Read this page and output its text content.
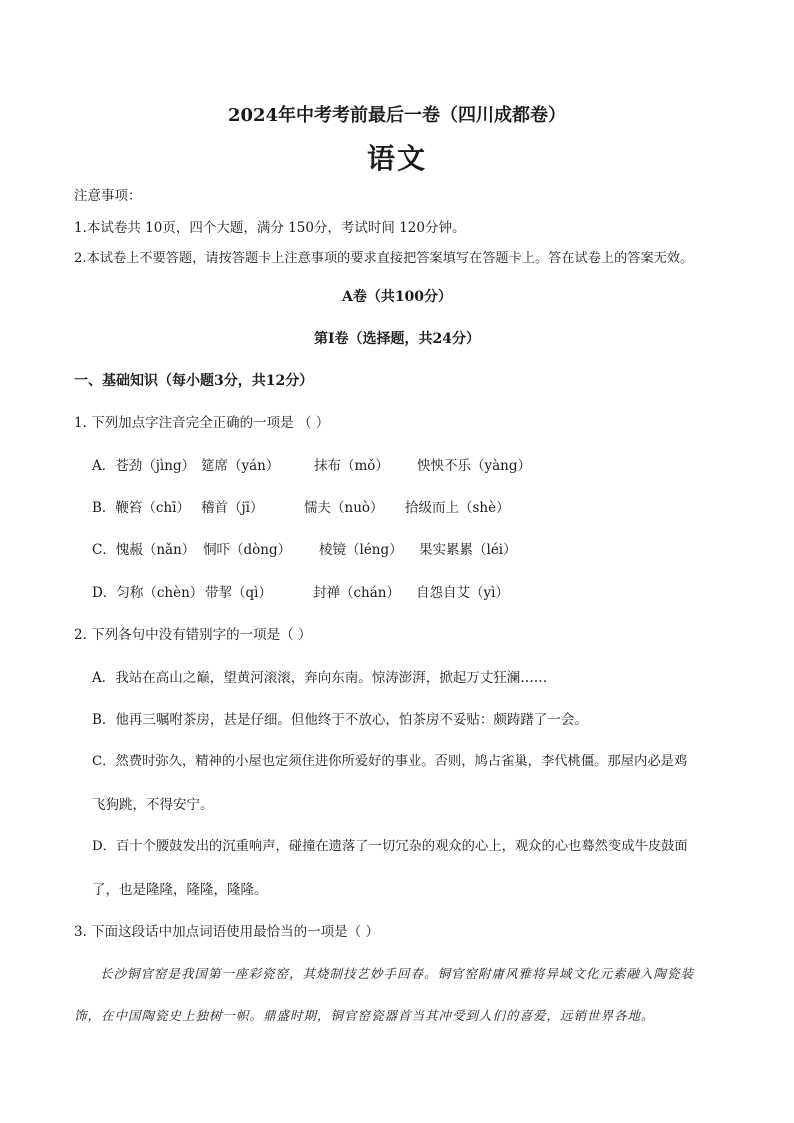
2024年中考考前最后一卷（四川成都卷）
语文
注意事项：
1.本试卷共 10页，四个大题，满分 150分，考试时间 120分钟。
2.本试卷上不要答题，请按答题卡上注意事项的要求直接把答案填写在答题卡上。答在试卷上的答案无效。
A卷（共100分）
第Ⅰ卷（选择题，共24分）
一、基础知识（每小题3分，共12分）
1. 下列加点字注音完全正确的一项是 （ ）
A．苍劲（jìng） 筵席（yán）	抹布（mǒ） 怏怏不乐（yàng）
B．鞭笞（chī） 稽首（jī）	懦夫（nuò） 拾级而上（shè）
C．愧赧（nǎn） 恫吓（dòng） 棱镜（léng） 果实累累（léi）
D．匀称（chèn） 带挈（qì）	封禅（chán） 自怨自艾（yì）
2. 下列各句中没有错别字的一项是（ ）
A．我站在高山之巅，望黄河滚滚，奔向东南。惊涛澎湃，掀起万丈狂澜……
B．他再三嘱咐茶房，甚是仔细。但他终于不放心，怕茶房不妥贴：颇踌躇了一会。
C．然费时弥久，精神的小屋也定须住进你所爱好的事业。否则，鸠占雀巢，李代桃僵。那屋内必是鸡
飞狗跳，不得安宁。
D．百十个腰鼓发出的沉重响声，碰撞在遗落了一切冗杂的观众的心上，观众的心也蓦然变成牛皮鼓面
了，也是隆隆，隆隆，隆隆。
3. 下面这段话中加点词语使用最恰当的一项是（ ）
长沙铜官窑是我国第一座彩瓷窑，其烧制技艺妙手回春。铜官窑附庸风雅将异域文化元素融入陶瓷装
饰，在中国陶瓷史上独树一帜。鼎盛时期，铜官窑瓷器首当其冲受到人们的喜爱，远销世界各地。
